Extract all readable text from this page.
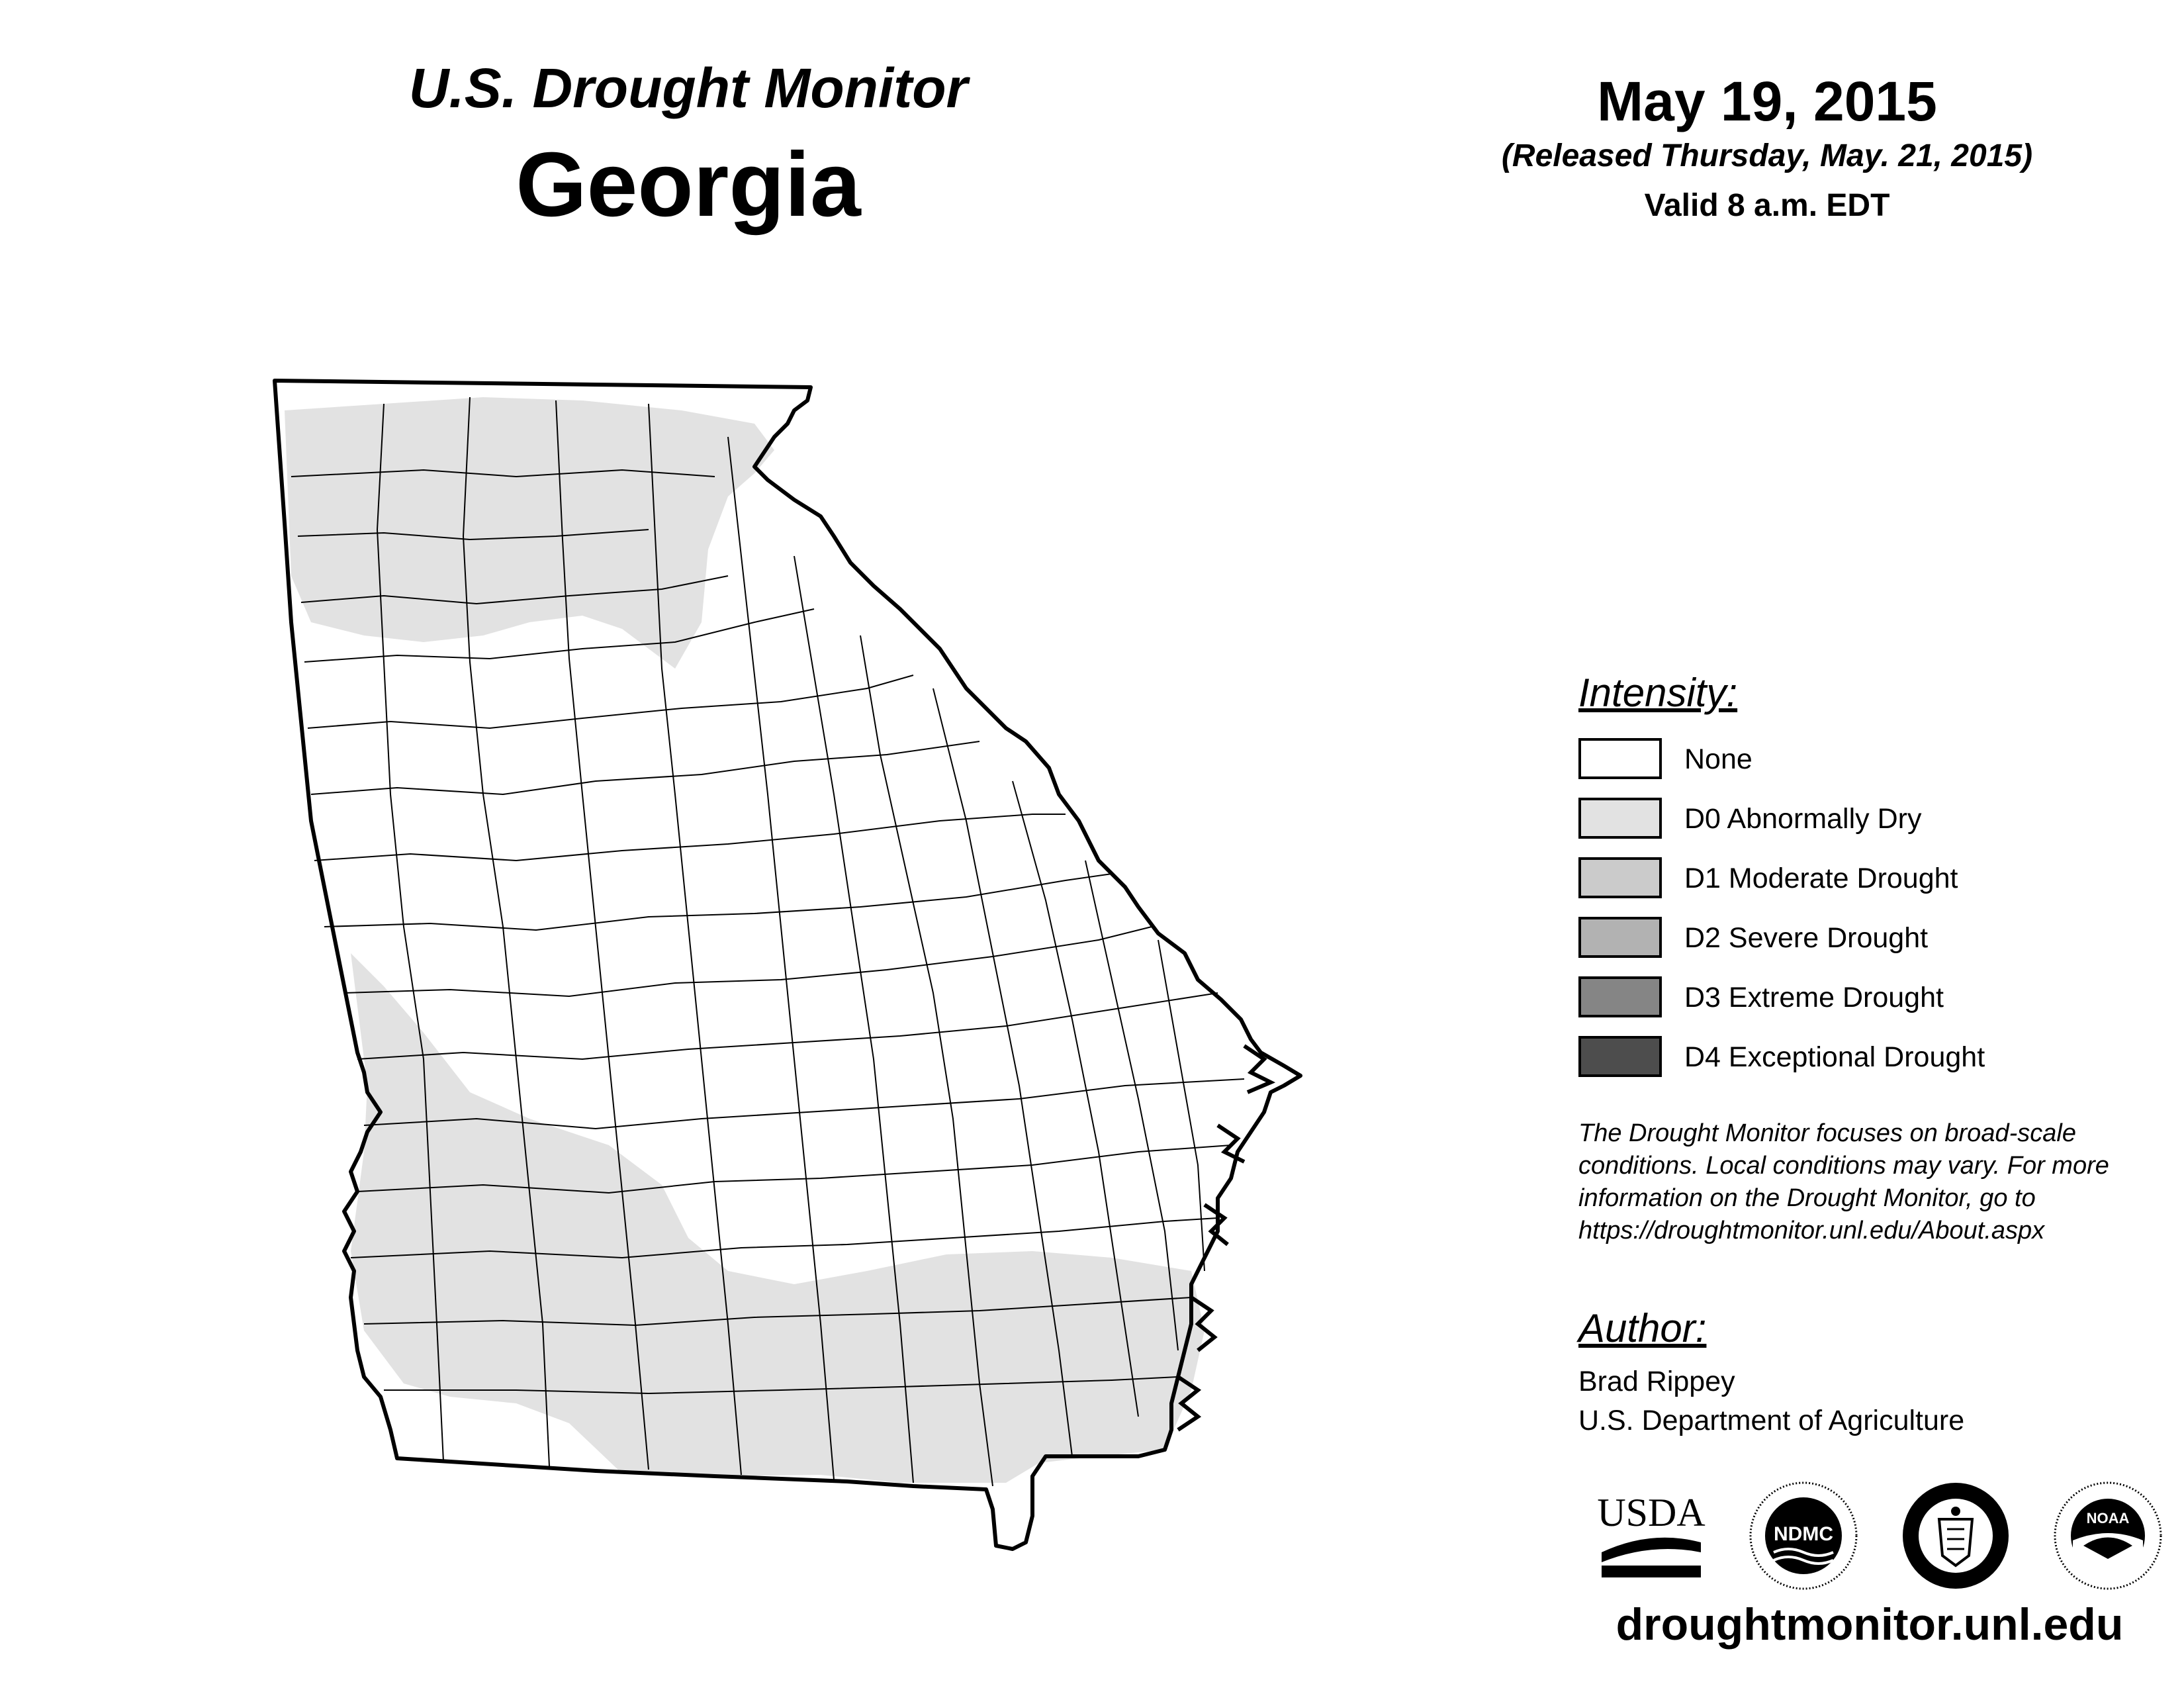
U.S. Drought Monitor
Georgia
May 19, 2015
(Released Thursday, May. 21, 2015)
Valid 8 a.m. EDT
Intensity:
None
D0 Abnormally Dry
D1 Moderate Drought
D2 Severe Drought
D3 Extreme Drought
D4 Exceptional Drought
The Drought Monitor focuses on broad-scale conditions. Local conditions may vary. For more information on the Drought Monitor, go to https://droughtmonitor.unl.edu/About.aspx
Author:
Brad Rippey
U.S. Department of Agriculture
USDA	NDMC
NOAA
droughtmonitor.unl.edu
